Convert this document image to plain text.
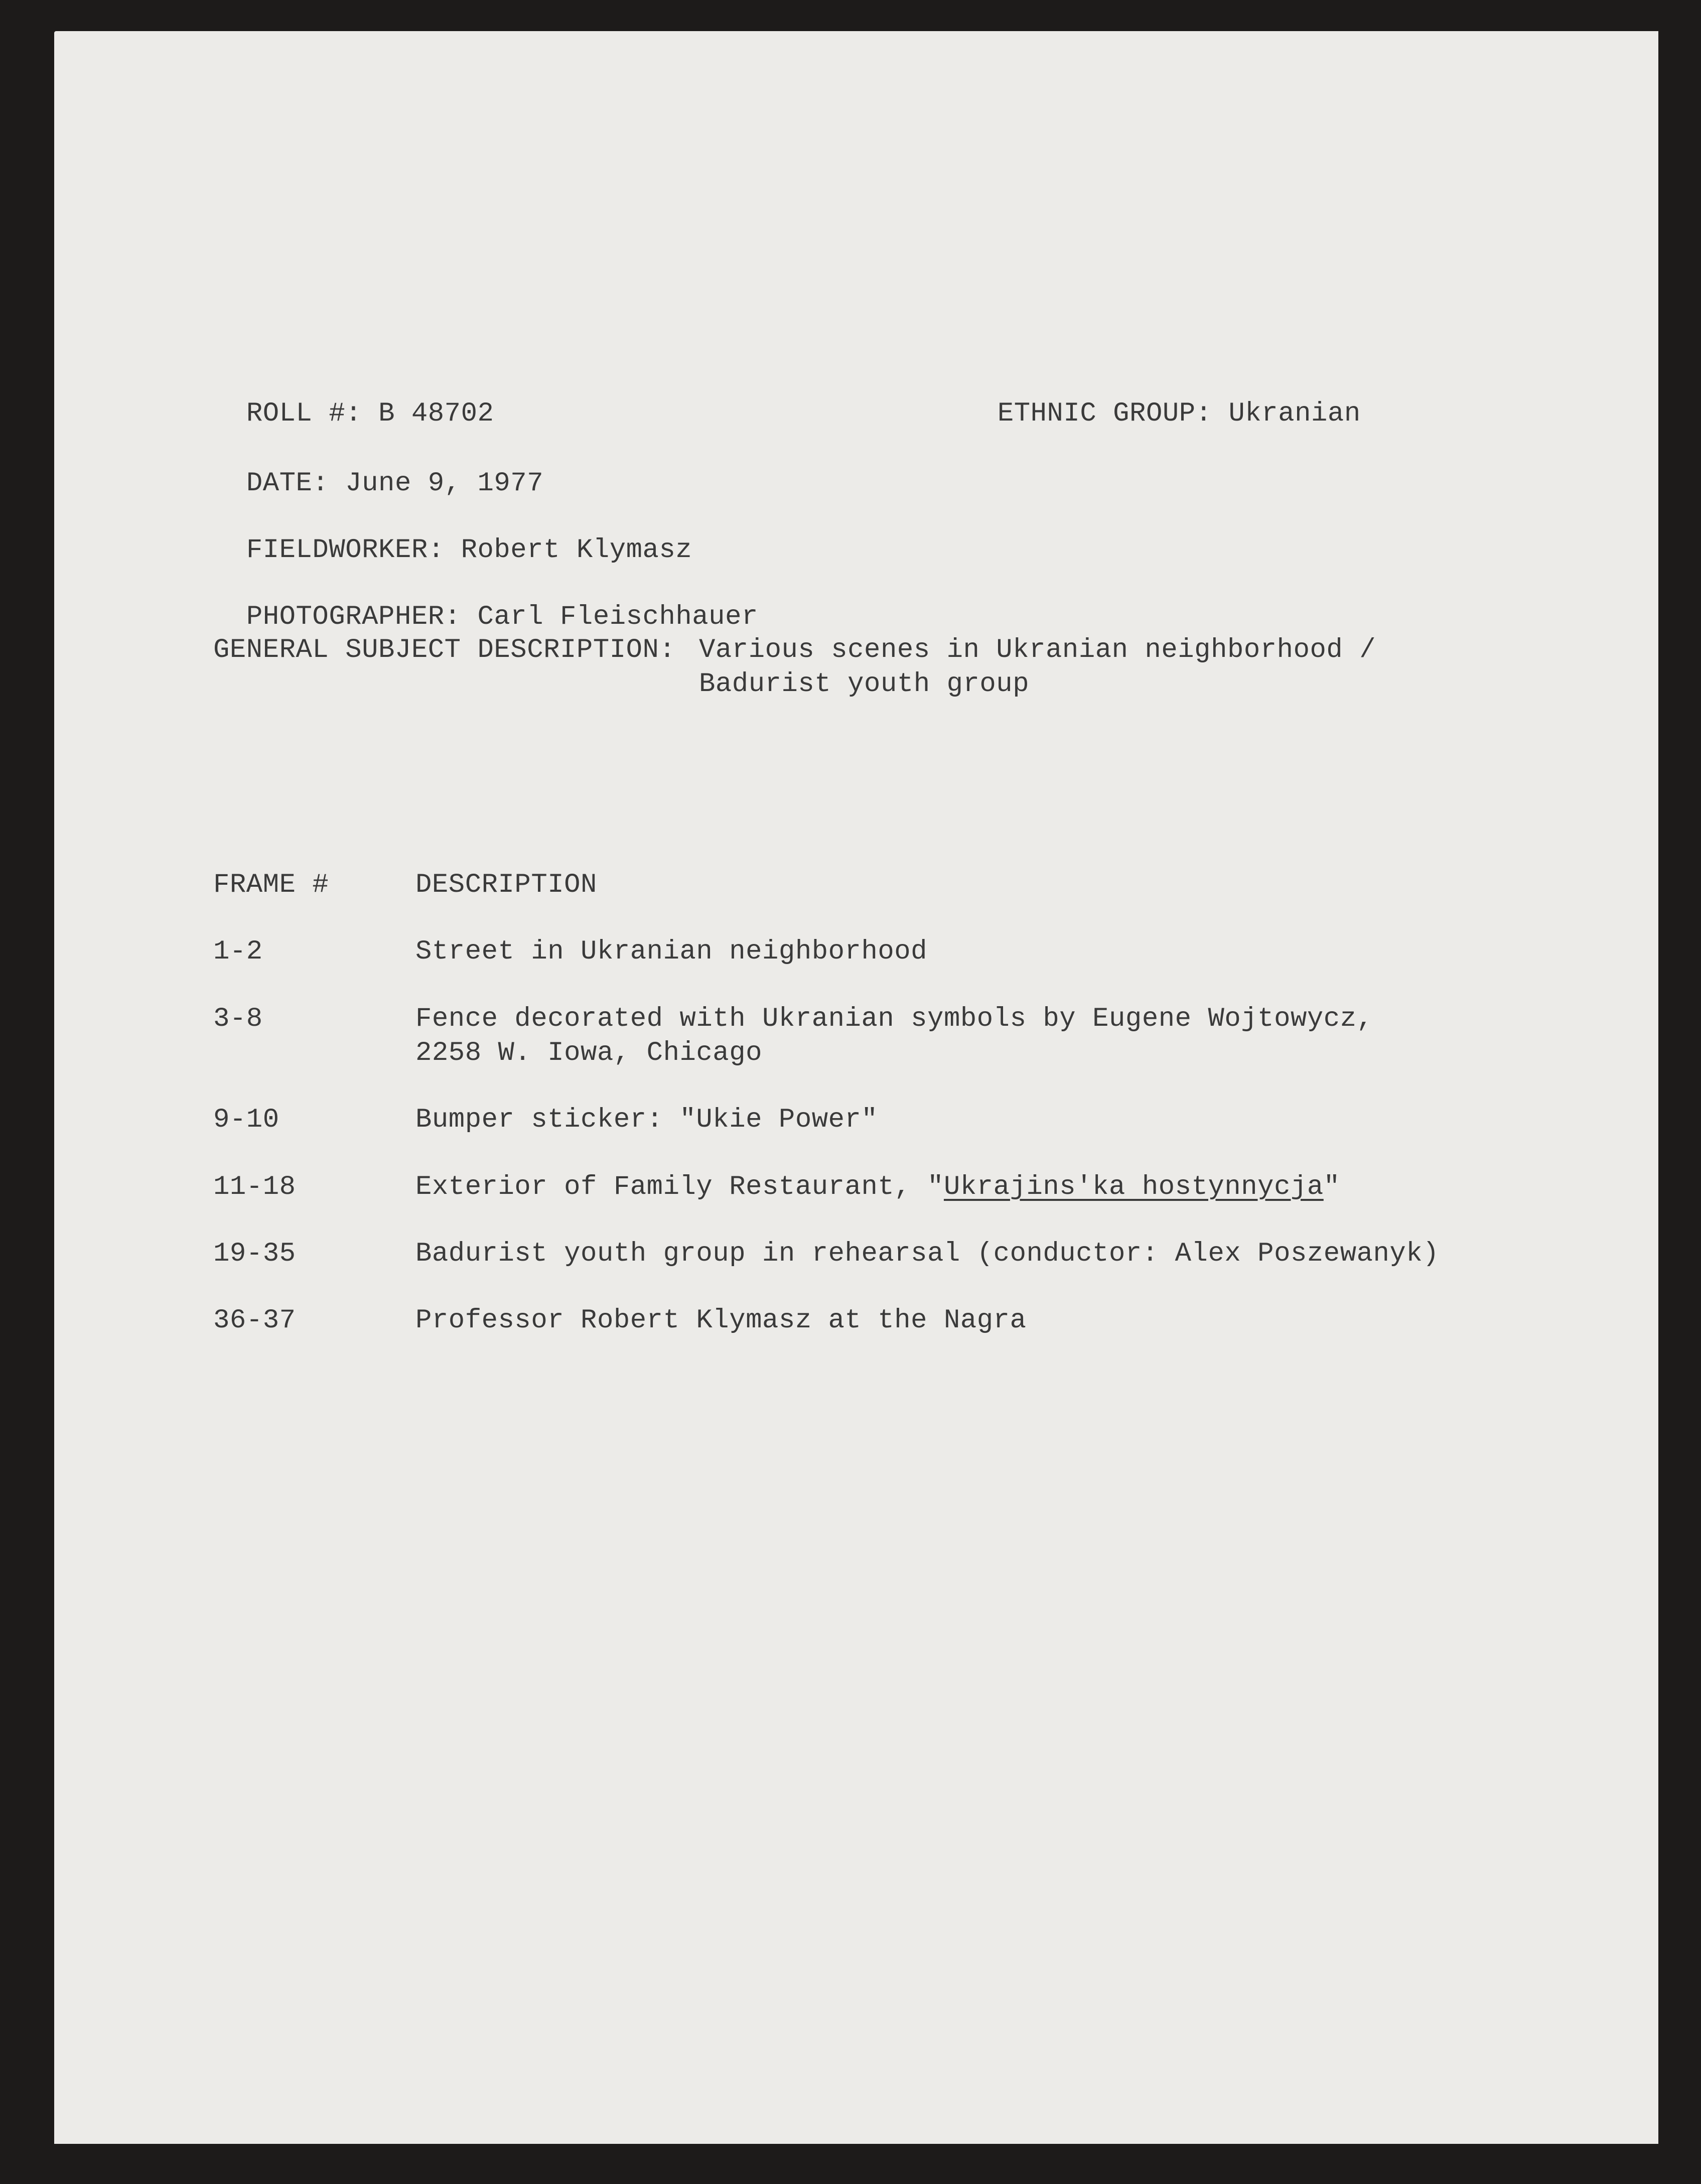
ROLL #: B 48702	ETHNIC GROUP: Ukranian

DATE: June 9, 1977

FIELDWORKER: Robert Klymasz

PHOTOGRAPHER: Carl Fleischhauer

GENERAL SUBJECT DESCRIPTION: Various scenes in Ukranian neighborhood /
Badurist youth group
FRAME #	DESCRIPTION
1-2	Street in Ukranian neighborhood
3-8	Fence decorated with Ukranian symbols by Eugene Wojtowycz,
2258 W. Iowa, Chicago
9-10	Bumper sticker: "Ukie Power"
11-18	Exterior of Family Restaurant, "Ukrajins'ka hostynnycja"
19-35	Badurist youth group in rehearsal (conductor: Alex Poszewanyk)
36-37	Professor Robert Klymasz at the Nagra
